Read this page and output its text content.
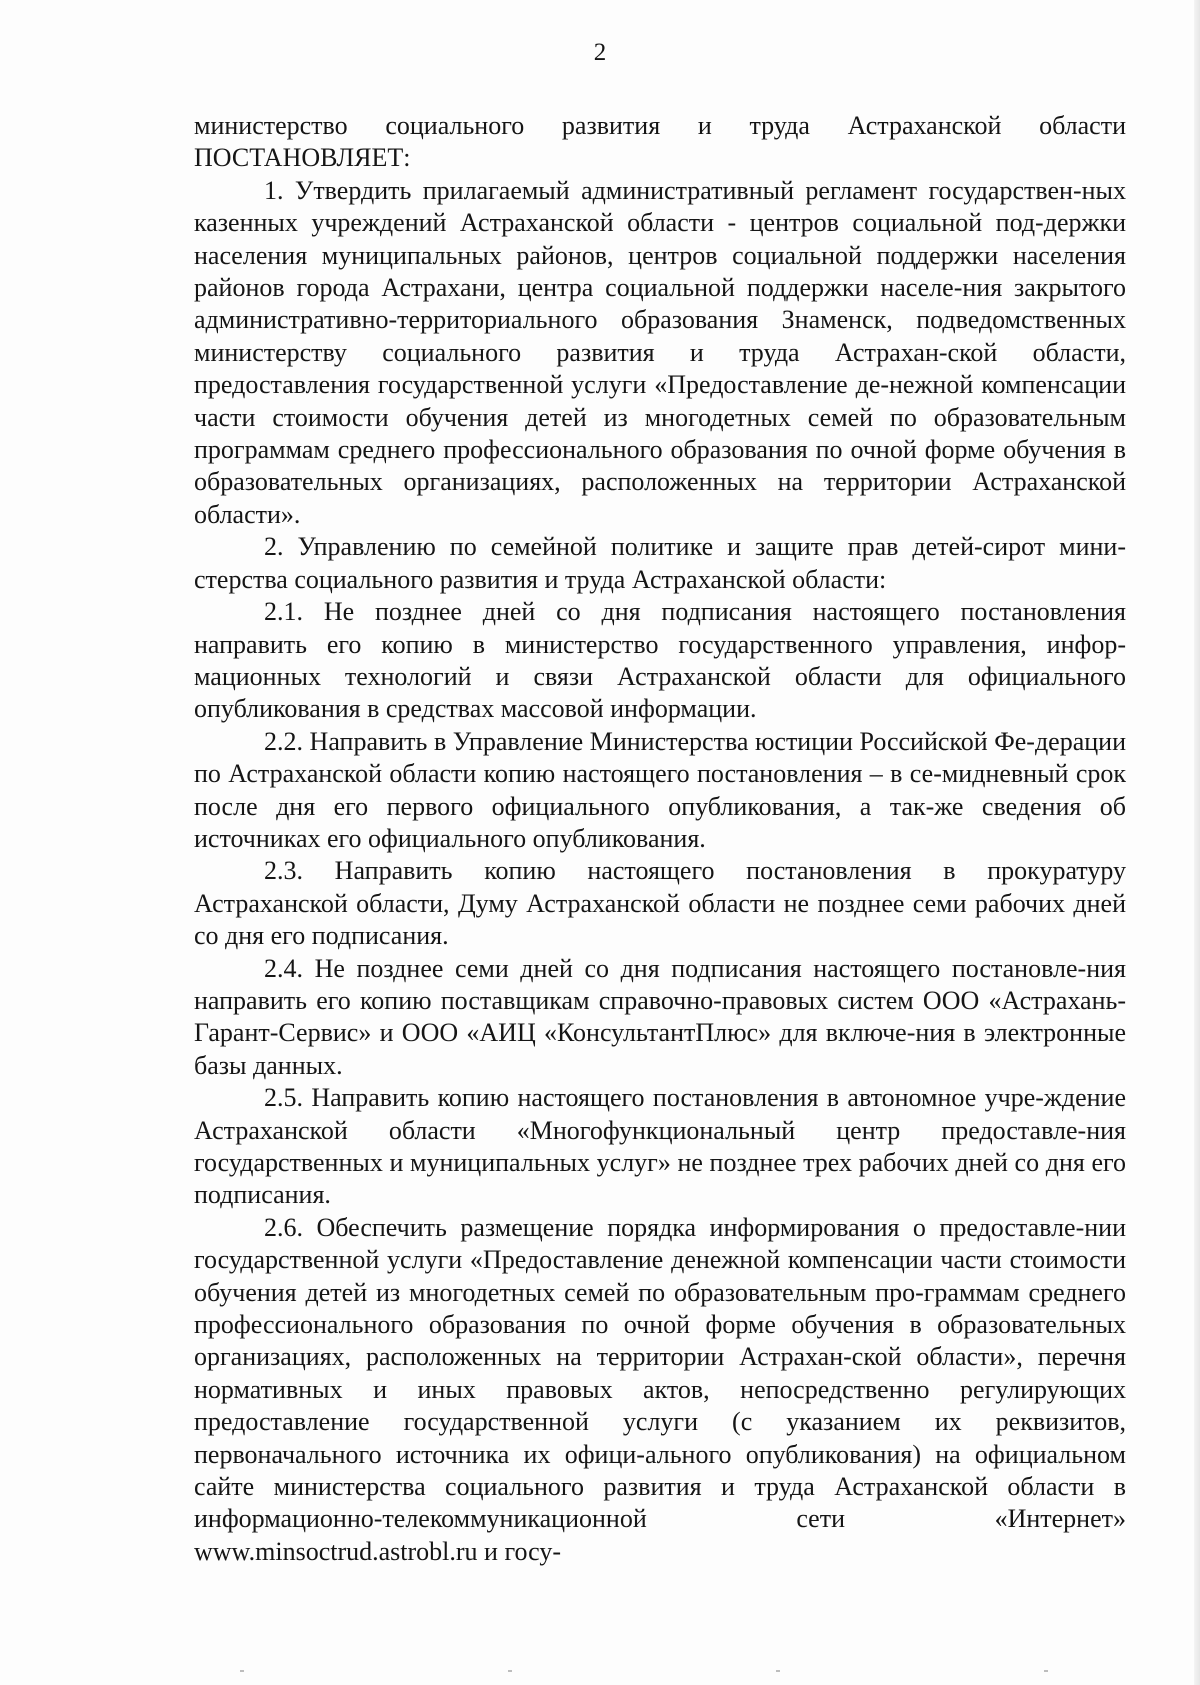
2

министерство социального развития и труда Астраханской области ПОСТАНОВЛЯЕТ:

1. Утвердить прилагаемый административный регламент государствен-ных казенных учреждений Астраханской области - центров социальной под-держки населения муниципальных районов, центров социальной поддержки населения районов города Астрахани, центра социальной поддержки населе-ния закрытого административно-территориального образования Знаменск, подведомственных министерству социального развития и труда Астрахан-ской области, предоставления государственной услуги «Предоставление де-нежной компенсации части стоимости обучения детей из многодетных семей по образовательным программам среднего профессионального образования по очной форме обучения в образовательных организациях, расположенных на территории Астраханской области».

2. Управлению по семейной политике и защите прав детей-сирот мини-стерства социального развития и труда Астраханской области:

2.1. Не позднее дней со дня подписания настоящего постановления направить его копию в министерство государственного управления, инфор-мационных технологий и связи Астраханской области для официального опубликования в средствах массовой информации.

2.2. Направить в Управление Министерства юстиции Российской Фе-дерации по Астраханской области копию настоящего постановления – в се-мидневный срок после дня его первого официального опубликования, а так-же сведения об источниках его официального опубликования.

2.3. Направить копию настоящего постановления в прокуратуру Астраханской области, Думу Астраханской области не позднее семи рабочих дней со дня его подписания.

2.4. Не позднее семи дней со дня подписания настоящего постановле-ния направить его копию поставщикам справочно-правовых систем ООО «Астрахань-Гарант-Сервис» и ООО «АИЦ «КонсультантПлюс» для включе-ния в электронные базы данных.

2.5. Направить копию настоящего постановления в автономное учре-ждение Астраханской области «Многофункциональный центр предоставле-ния государственных и муниципальных услуг» не позднее трех рабочих дней со дня его подписания.

2.6. Обеспечить размещение порядка информирования о предоставле-нии государственной услуги «Предоставление денежной компенсации части стоимости обучения детей из многодетных семей по образовательным про-граммам среднего профессионального образования по очной форме обучения в образовательных организациях, расположенных на территории Астрахан-ской области», перечня нормативных и иных правовых актов, непосредственно регулирующих предоставление государственной услуги (с указанием их реквизитов, первоначального источника их офици-ального опубликования) на официальном сайте министерства социального развития и труда Астраханской области в информационно-телекоммуникационной сети «Интернет» www.minsoctrud.astrobl.ru и госу-
